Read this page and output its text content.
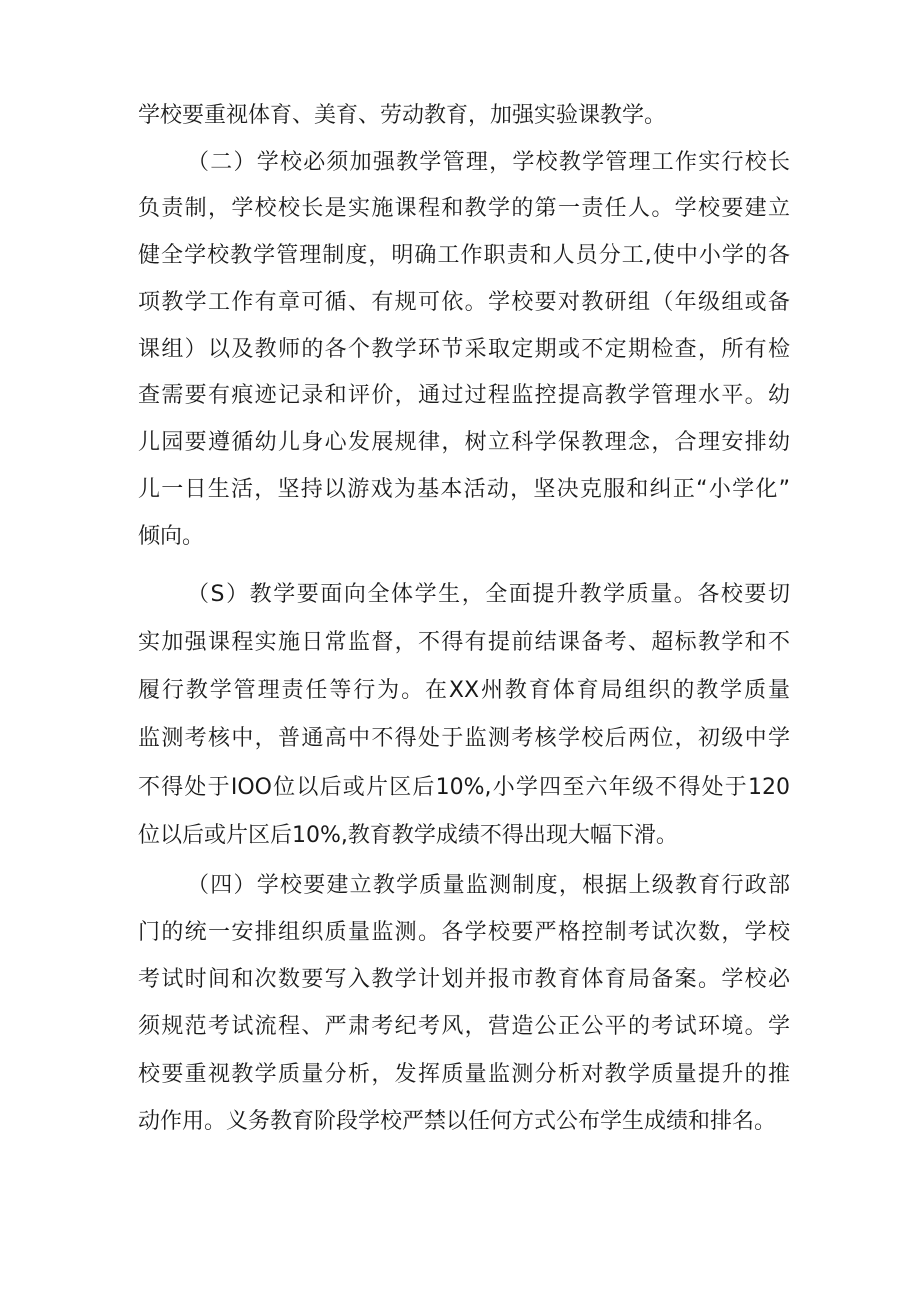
学校要重视体育、美育、劳动教育，加强实验课教学。
（二）学校必须加强教学管理，学校教学管理工作实行校长
负责制，学校校长是实施课程和教学的第一责任人。学校要建立
健全学校教学管理制度，明确工作职责和人员分工,使中小学的各
项教学工作有章可循、有规可依。学校要对教研组（年级组或备
课组）以及教师的各个教学环节采取定期或不定期检查，所有检
查需要有痕迹记录和评价，通过过程监控提高教学管理水平。幼
儿园要遵循幼儿身心发展规律，树立科学保教理念，合理安排幼
儿一日生活，坚持以游戏为基本活动，坚决克服和纠正“小学化”
倾向。
（S）教学要面向全体学生，全面提升教学质量。各校要切
实加强课程实施日常监督，不得有提前结课备考、超标教学和不
履行教学管理责任等行为。在XX州教育体育局组织的教学质量
监测考核中，普通高中不得处于监测考核学校后两位，初级中学
不得处于IOO位以后或片区后10%,小学四至六年级不得处于120
位以后或片区后10%,教育教学成绩不得出现大幅下滑。
（四）学校要建立教学质量监测制度，根据上级教育行政部
门的统一安排组织质量监测。各学校要严格控制考试次数，学校
考试时间和次数要写入教学计划并报市教育体育局备案。学校必
须规范考试流程、严肃考纪考风，营造公正公平的考试环境。学
校要重视教学质量分析，发挥质量监测分析对教学质量提升的推
动作用。义务教育阶段学校严禁以任何方式公布学生成绩和排名。
